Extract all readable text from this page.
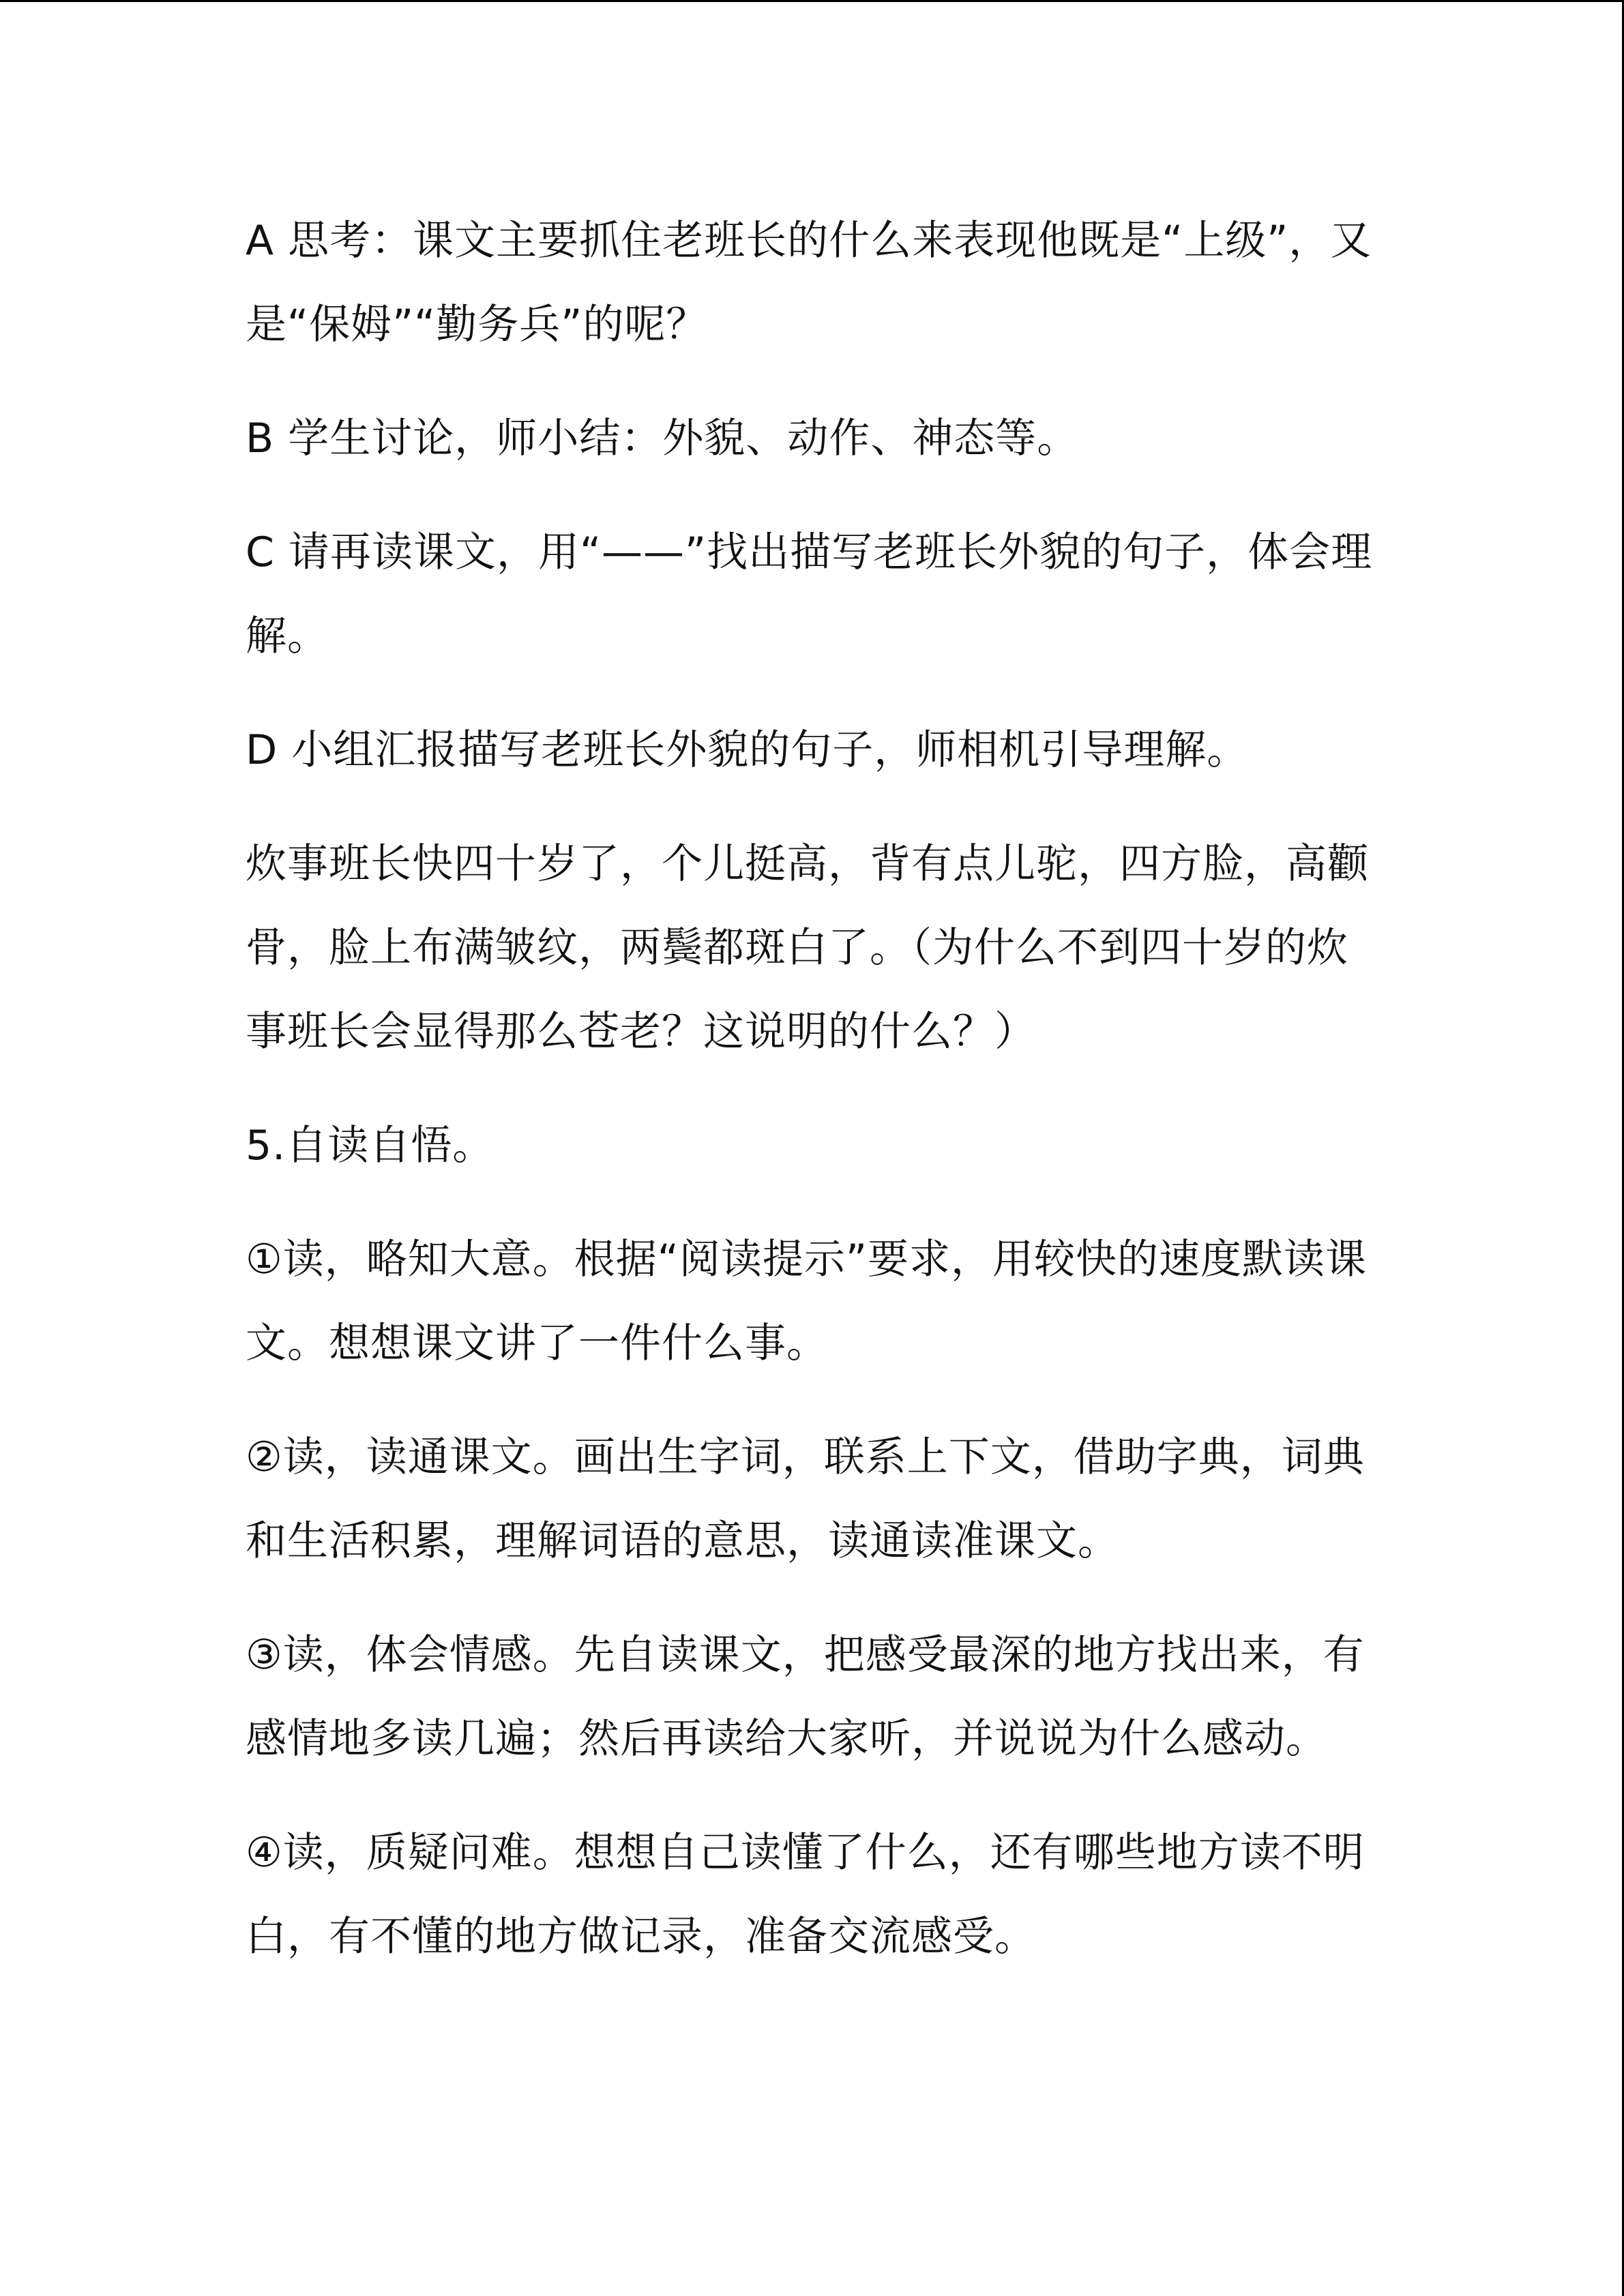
A 思考：课文主要抓住老班长的什么来表现他既是“上级”，又是“保姆”“勤务兵”的呢？

B 学生讨论，师小结：外貌、动作、神态等。

C 请再读课文，用“——”找出描写老班长外貌的句子，体会理解。

D 小组汇报描写老班长外貌的句子，师相机引导理解。

炊事班长快四十岁了，个儿挺高，背有点儿驼，四方脸，高颧骨，脸上布满皱纹，两鬓都斑白了。（为什么不到四十岁的炊事班长会显得那么苍老？这说明的什么？）

5.自读自悟。

①读，略知大意。根据“阅读提示”要求，用较快的速度默读课文。想想课文讲了一件什么事。

②读，读通课文。画出生字词，联系上下文，借助字典，词典和生活积累，理解词语的意思，读通读准课文。

③读，体会情感。先自读课文，把感受最深的地方找出来，有感情地多读几遍；然后再读给大家听，并说说为什么感动。

④读，质疑问难。想想自己读懂了什么，还有哪些地方读不明白，有不懂的地方做记录，准备交流感受。
